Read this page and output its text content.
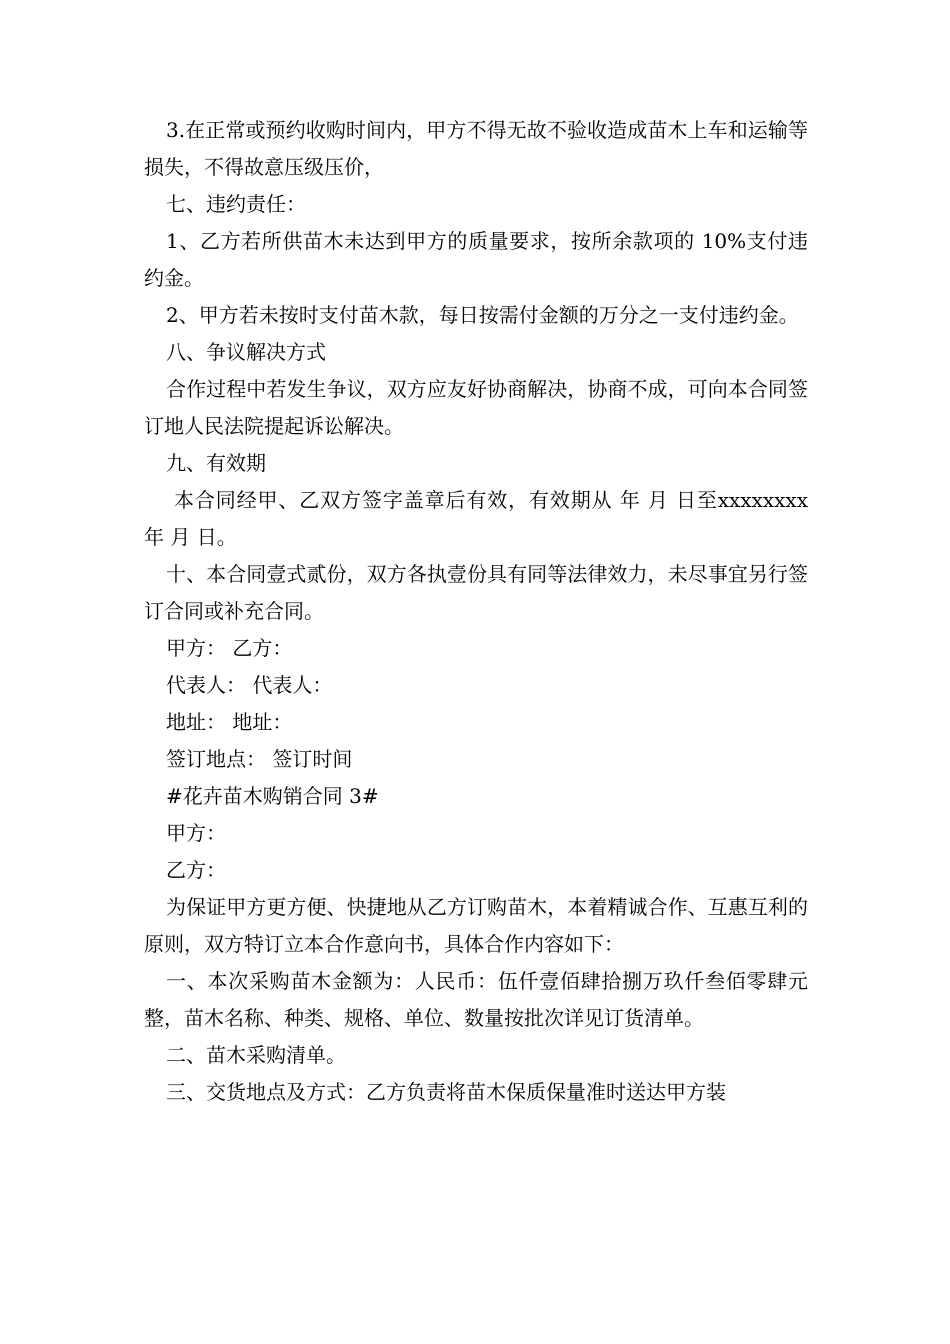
3.在正常或预约收购时间内，甲方不得无故不验收造成苗木上车和运输等损失，不得故意压级压价，

七、违约责任：

1、乙方若所供苗木未达到甲方的质量要求，按所余款项的 10%支付违约金。

2、甲方若未按时支付苗木款，每日按需付金额的万分之一支付违约金。

八、争议解决方式

合作过程中若发生争议，双方应友好协商解决，协商不成，可向本合同签订地人民法院提起诉讼解决。

九、有效期

本合同经甲、乙双方签字盖章后有效，有效期从 年 月 日至xxxxxxxx 年 月 日。

十、本合同壹式贰份，双方各执壹份具有同等法律效力，未尽事宜另行签订合同或补充合同。

甲方： 乙方：

代表人： 代表人：

地址： 地址：

签订地点： 签订时间

#花卉苗木购销合同 3#

甲方：

乙方：

为保证甲方更方便、快捷地从乙方订购苗木，本着精诚合作、互惠互利的原则，双方特订立本合作意向书，具体合作内容如下：

一、本次采购苗木金额为：人民币：伍仟壹佰肆拾捌万玖仟叁佰零肆元整，苗木名称、种类、规格、单位、数量按批次详见订货清单。

二、苗木采购清单。

三、交货地点及方式：乙方负责将苗木保质保量准时送达甲方装
